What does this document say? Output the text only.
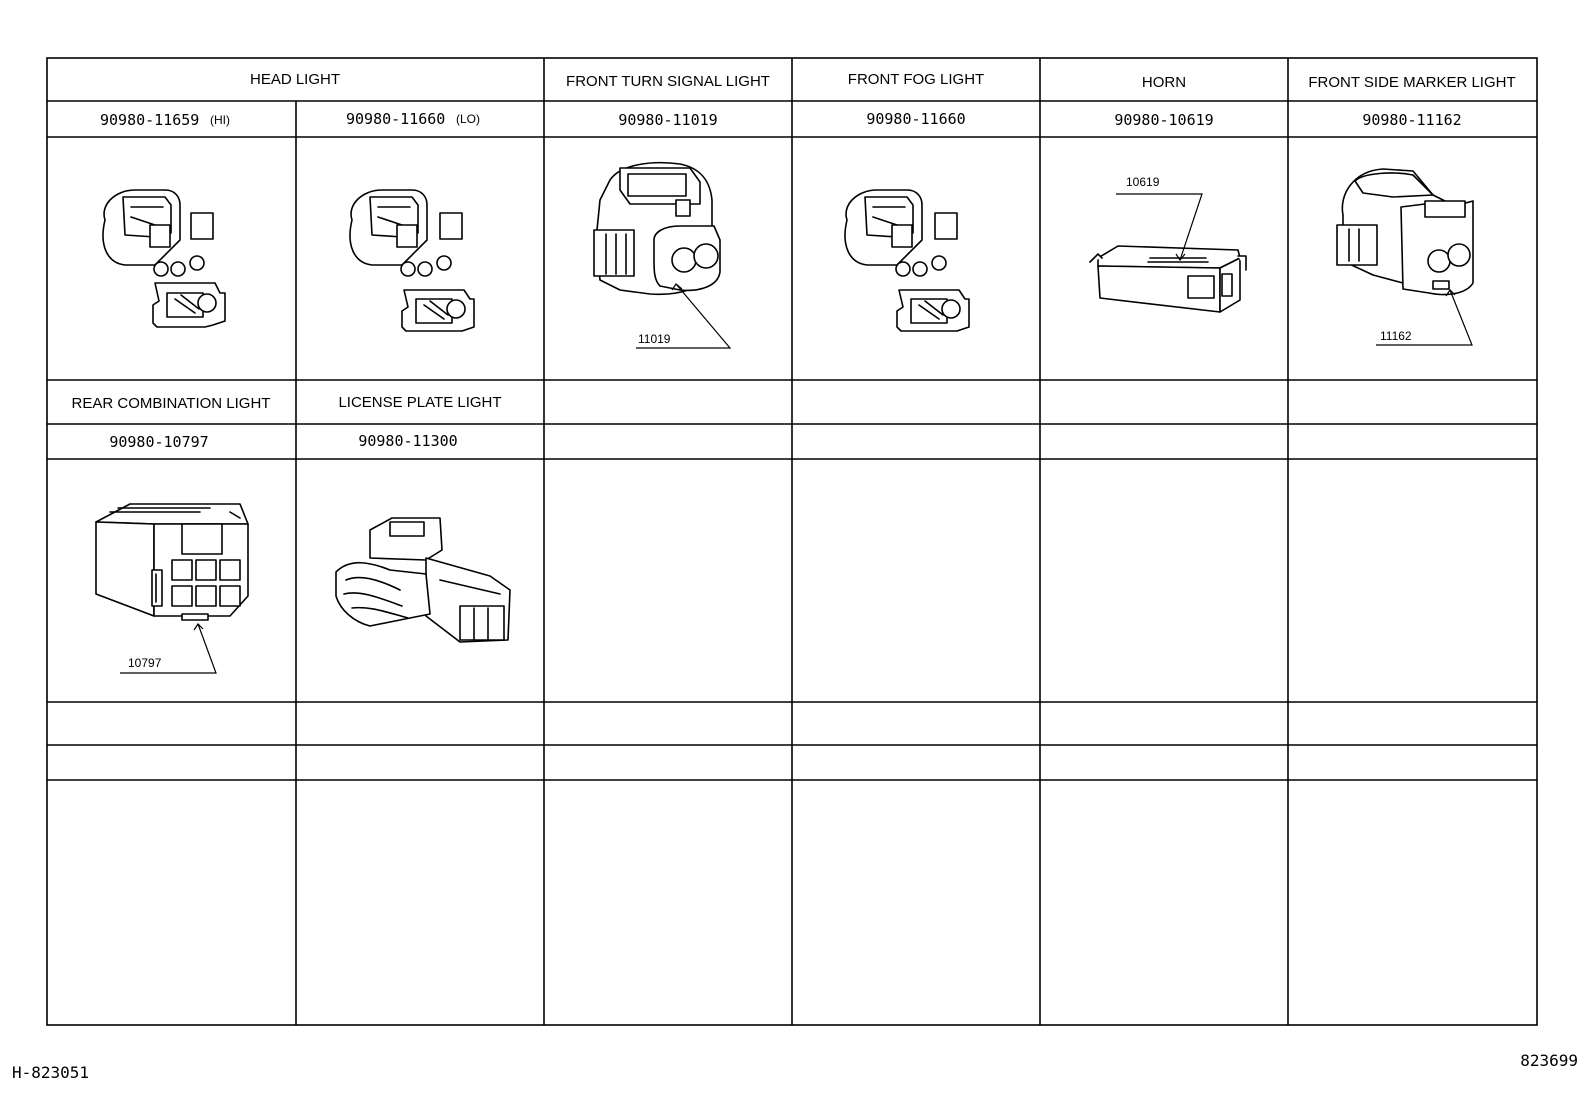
HEAD LIGHT	FRONT TURN SIGNAL LIGHT	FRONT FOG LIGHT	HORN	FRONT SIDE MARKER LIGHT
90980-11659 (HI)	90980-11660 (LO)	90980-11019	90980-11660	90980-10619	90980-11162
REAR COMBINATION LIGHT	LICENSE PLATE LIGHT
90980-10797	90980-11300
11019
10619
11162
10797
H-823051
823699
